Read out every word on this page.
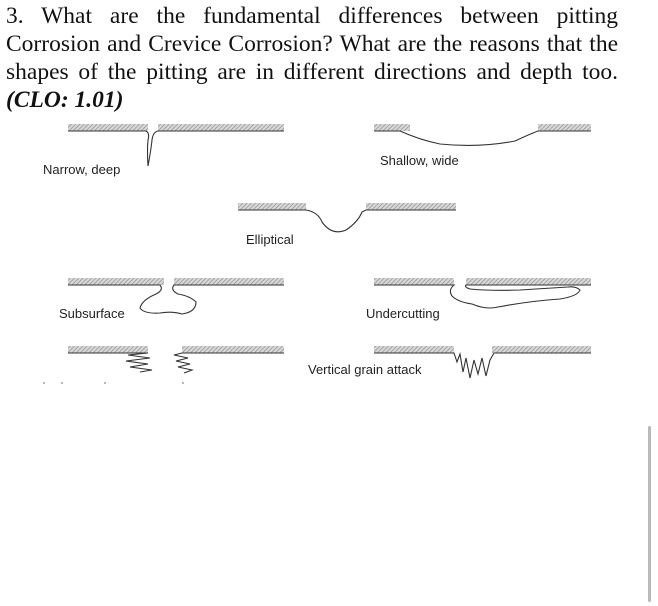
3. What are the fundamental differences between pitting
Corrosion and Crevice Corrosion? What are the reasons that the
shapes of the pitting are in different directions and depth too.
(CLO: 1.01)
Narrow, deep
Shallow, wide
Elliptical
Subsurface	Undercutting
Vertical grain attack
